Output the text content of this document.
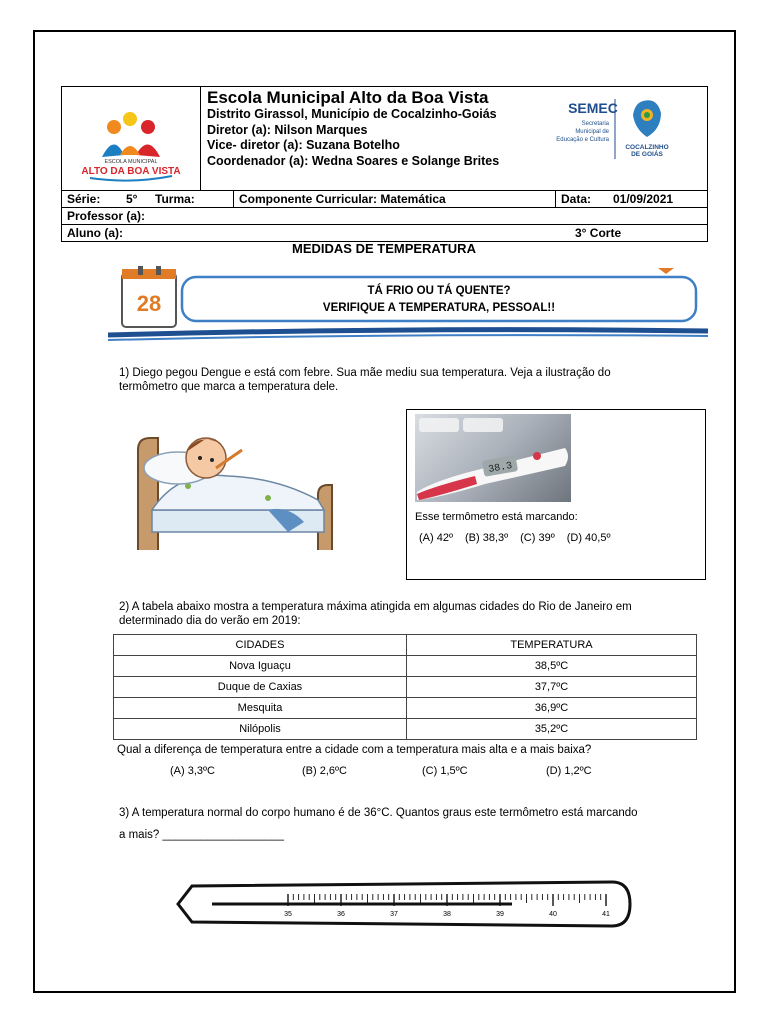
ESCOLA MUNICIPAL
ALTO DA BOA VISTA
Escola Municipal Alto da Boa Vista
Distrito Girassol, Município de Cocalzinho-Goiás
Diretor (a): Nilson Marques
Vice- diretor (a): Suzana Botelho
Coordenador (a): Wedna Soares e Solange Brites
SEMEC
Secretaria
Municipal de
Educação e Cultura
COCALZINHO
DE GOIÁS
Série:	5°	Turma:	Componente Curricular: Matemática	Data:	01/09/2021
Professor (a):
Aluno (a):	3° Corte
MEDIDAS DE TEMPERATURA
28	TÁ FRIO OU TÁ QUENTE?
VERIFIQUE A TEMPERATURA, PESSOAL!!
1) Diego pegou Dengue e está com febre. Sua mãe mediu sua temperatura. Veja a ilustração do
termômetro que marca a temperatura dele.
38.3
Esse termômetro está marcando:
(A) 42º (B) 38,3º (C) 39º (D) 40,5º
2) A tabela abaixo mostra a temperatura máxima atingida em algumas cidades do Rio de Janeiro em
determinado dia do verão em 2019:
CIDADES	TEMPERATURA
Nova Iguaçu	38,5ºC
Duque de Caxias	37,7ºC
Mesquita	36,9ºC
Nilópolis	35,2ºC
Qual a diferença de temperatura entre a cidade com a temperatura mais alta e a mais baixa?
(A) 3,3ºC	(B) 2,6ºC	(C) 1,5ºC	(D) 1,2ºC
3) A temperatura normal do corpo humano é de 36°C. Quantos graus este termômetro está marcando
a mais? ___________________
35	36	37	38	39	40	41
